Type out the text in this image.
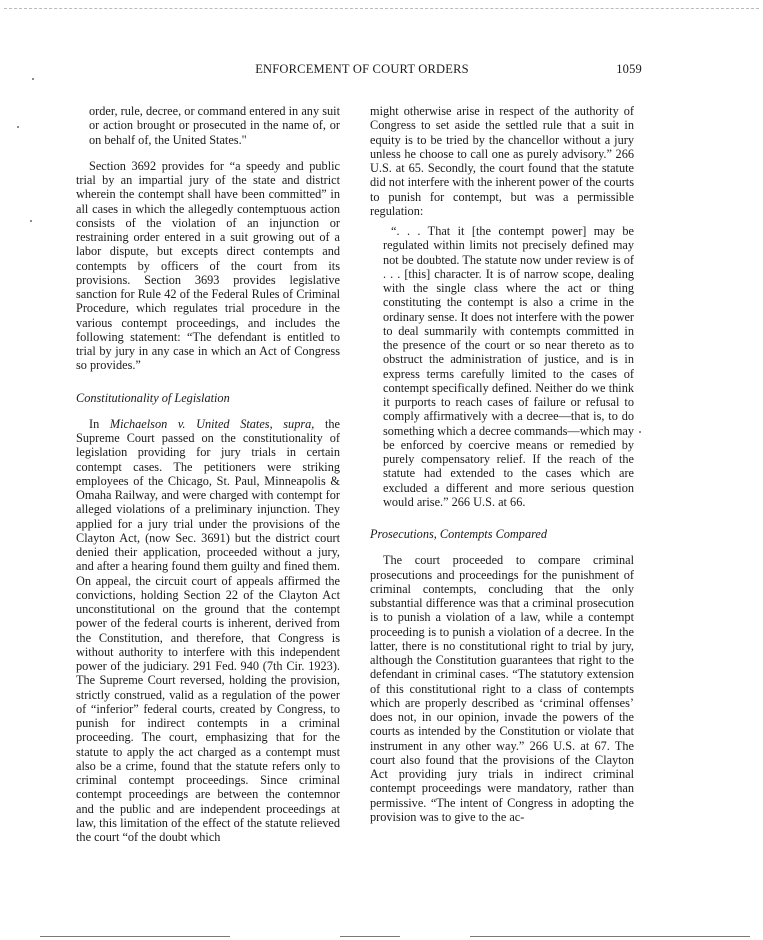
ENFORCEMENT OF COURT ORDERS	1059

order, rule, decree, or command entered in any suit or action brought or prosecuted in the name of, or on behalf of, the United States."

Section 3692 provides for “a speedy and public trial by an impartial jury of the state and district wherein the contempt shall have been committed” in all cases in which the allegedly contemptuous action consists of the violation of an injunction or restraining order entered in a suit growing out of a labor dispute, but excepts direct contempts and contempts by officers of the court from its provisions. Section 3693 provides legislative sanction for Rule 42 of the Federal Rules of Criminal Procedure, which regulates trial procedure in the various contempt proceedings, and includes the following statement: “The defendant is entitled to trial by jury in any case in which an Act of Congress so provides.”

Constitutionality of Legislation

In Michaelson v. United States, supra, the Supreme Court passed on the constitutionality of legislation providing for jury trials in certain contempt cases. The petitioners were striking employees of the Chicago, St. Paul, Minneapolis & Omaha Railway, and were charged with contempt for alleged violations of a preliminary injunction. They applied for a jury trial under the provisions of the Clayton Act, (now Sec. 3691) but the district court denied their application, proceeded without a jury, and after a hearing found them guilty and fined them. On appeal, the circuit court of appeals affirmed the convictions, holding Section 22 of the Clayton Act unconstitutional on the ground that the contempt power of the federal courts is inherent, derived from the Constitution, and therefore, that Congress is without authority to interfere with this independent power of the judiciary. 291 Fed. 940 (7th Cir. 1923). The Supreme Court reversed, holding the provision, strictly construed, valid as a regulation of the power of “inferior” federal courts, created by Congress, to punish for indirect contempts in a criminal proceeding. The court, emphasizing that for the statute to apply the act charged as a contempt must also be a crime, found that the statute refers only to criminal contempt proceedings. Since criminal contempt proceedings are between the contemnor and the public and are independent proceedings at law, this limitation of the effect of the statute relieved the court “of the doubt which

might otherwise arise in respect of the authority of Congress to set aside the settled rule that a suit in equity is to be tried by the chancellor without a jury unless he choose to call one as purely advisory.” 266 U.S. at 65. Secondly, the court found that the statute did not interfere with the inherent power of the courts to punish for contempt, but was a permissible regulation:

“. . . That it [the contempt power] may be regulated within limits not precisely defined may not be doubted. The statute now under review is of . . . [this] character. It is of narrow scope, dealing with the single class where the act or thing constituting the contempt is also a crime in the ordinary sense. It does not interfere with the power to deal summarily with contempts committed in the presence of the court or so near thereto as to obstruct the administration of justice, and is in express terms carefully limited to the cases of contempt specifically defined. Neither do we think it purports to reach cases of failure or refusal to comply affirmatively with a decree—that is, to do something which a decree commands—which may be enforced by coercive means or remedied by purely compensatory relief. If the reach of the statute had extended to the cases which are excluded a different and more serious question would arise.” 266 U.S. at 66.

Prosecutions, Contempts Compared

The court proceeded to compare criminal prosecutions and proceedings for the punishment of criminal contempts, concluding that the only substantial difference was that a criminal prosecution is to punish a violation of a law, while a contempt proceeding is to punish a violation of a decree. In the latter, there is no constitutional right to trial by jury, although the Constitution guarantees that right to the defendant in criminal cases. “The statutory extension of this constitutional right to a class of contempts which are properly described as ‘criminal offenses’ does not, in our opinion, invade the powers of the courts as intended by the Constitution or violate that instrument in any other way.” 266 U.S. at 67. The court also found that the provisions of the Clayton Act providing jury trials in indirect criminal contempt proceedings were mandatory, rather than permissive. “The intent of Congress in adopting the provision was to give to the ac-
